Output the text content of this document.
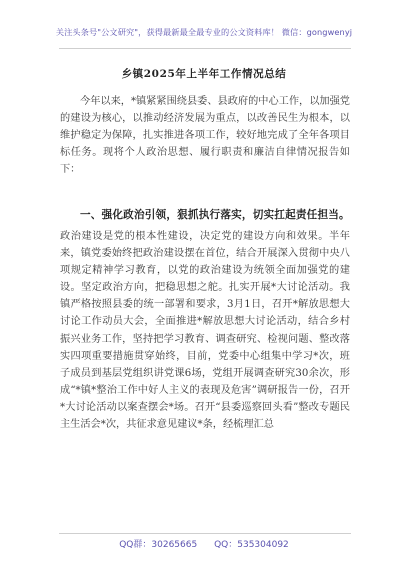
关注头条号"公文研究"，获得最新最全最专业的公文资料库！ 微信：gongwenyj
乡镇2025年上半年工作情况总结

今年以来，*镇紧紧围绕县委、县政府的中心工作，以加强党的建设为核心，以推动经济发展为重点，以改善民生为根本，以维护稳定为保障，扎实推进各项工作，较好地完成了全年各项目标任务。现将个人政治思想、履行职责和廉洁自律情况报告如下：

一、强化政治引领，狠抓执行落实，切实扛起责任担当。

政治建设是党的根本性建设，决定党的建设方向和效果。半年来，镇党委始终把政治建设摆在首位，结合开展深入贯彻中央八项规定精神学习教育，以党的政治建设为统领全面加强党的建设。坚定政治方向，把稳思想之舵。扎实开展*大讨论活动。我镇严格按照县委的统一部署和要求，3月1日，召开*解放思想大讨论工作动员大会，全面推进*解放思想大讨论活动，结合乡村振兴业务工作，坚持把学习教育、调查研究、检视问题、整改落实四项重要措施贯穿始终，目前，党委中心组集中学习*次，班子成员到基层党组织讲党课6场，党组开展调查研究30余次，形成“*镇*整治工作中好人主义的表现及危害”调研报告一份，召开*大讨论活动以案查摆会*场。召开“县委巡察回头看”整改专题民主生活会*次，共征求意见建议*条，经梳理汇总

QQ群：30265665 QQ：535304092
